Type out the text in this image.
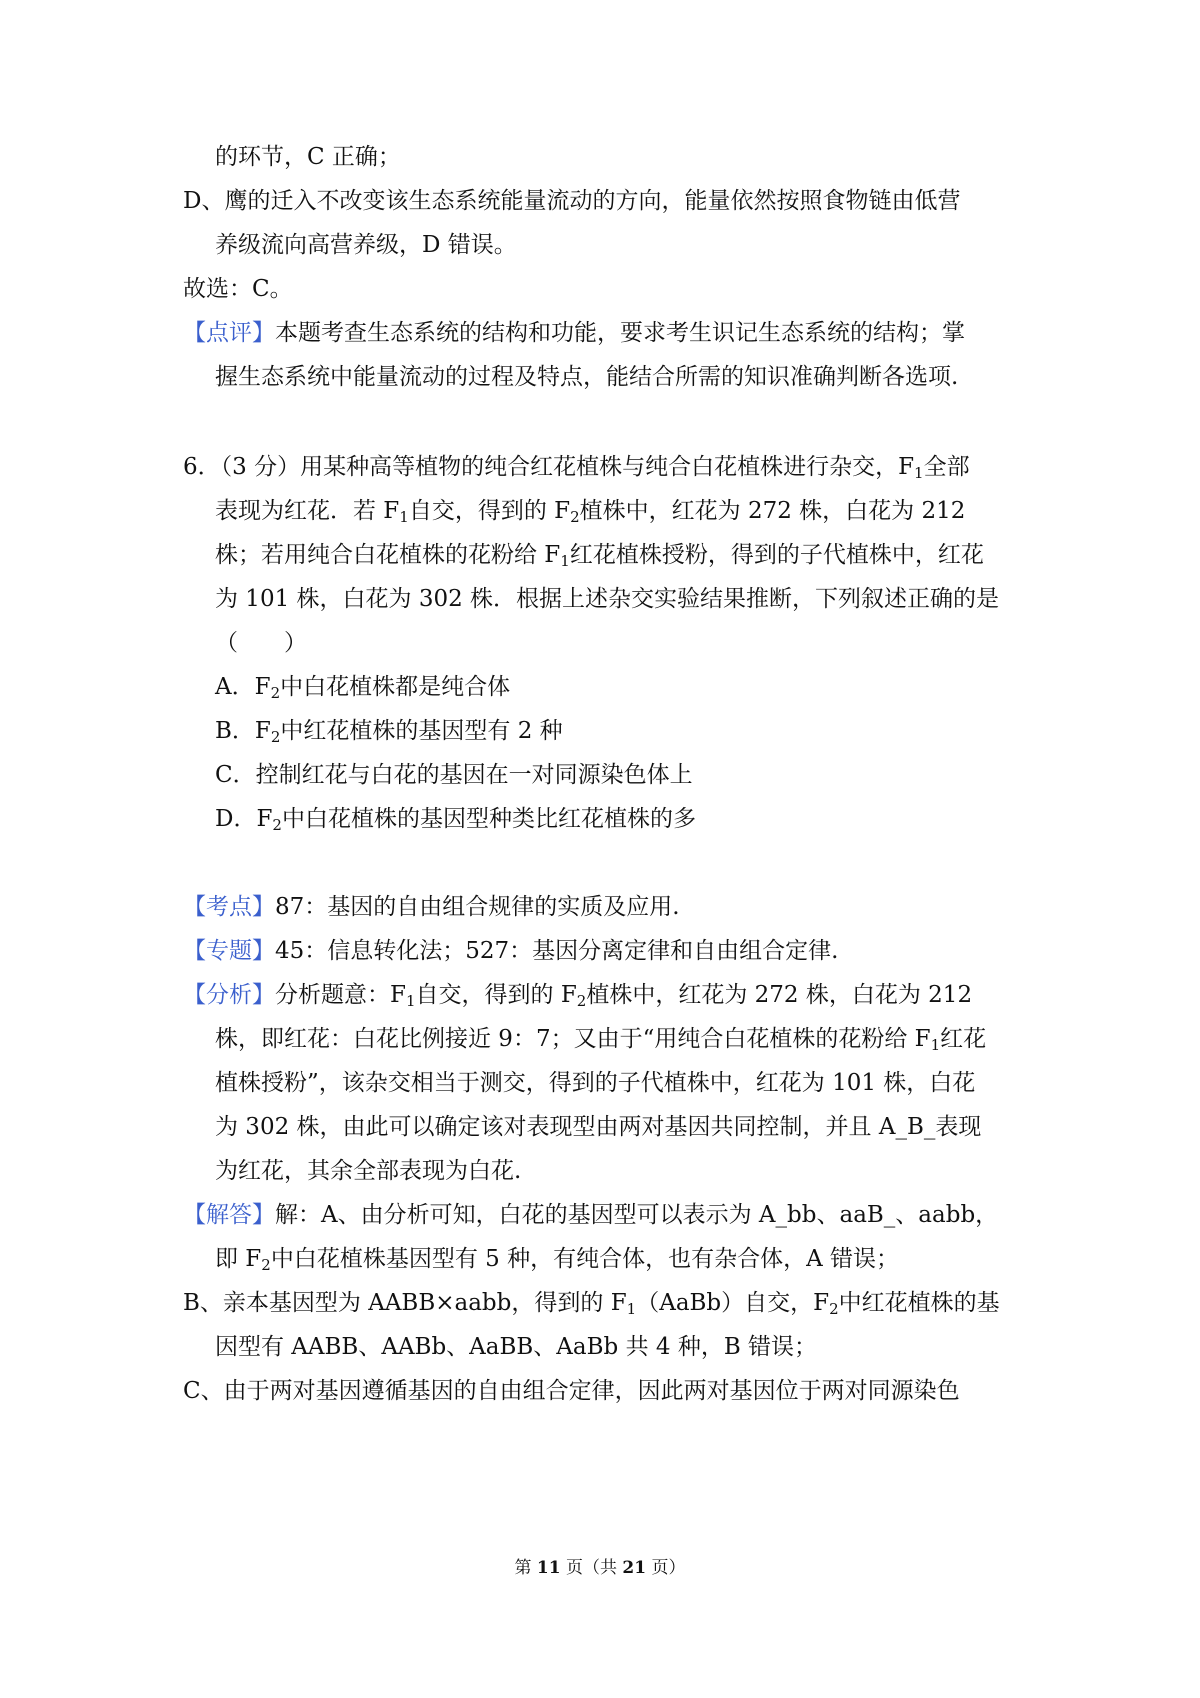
的环节，C 正确；
D、鹰的迁入不改变该生态系统能量流动的方向，能量依然按照食物链由低营
养级流向高营养级，D 错误。
故选：C。
【点评】本题考查生态系统的结构和功能，要求考生识记生态系统的结构；掌
握生态系统中能量流动的过程及特点，能结合所需的知识准确判断各选项.
6．（3 分）用某种高等植物的纯合红花植株与纯合白花植株进行杂交，$F_1$全部
表现为红花．若 $F_1$自交，得到的 $F_2$植株中，红花为 272 株，白花为 212
株；若用纯合白花植株的花粉给 $F_1$红花植株授粉，得到的子代植株中，红花
为 101 株，白花为 302 株．根据上述杂交实验结果推断，下列叙述正确的是
（　　）
A．$F_2$中白花植株都是纯合体
B．$F_2$中红花植株的基因型有 2 种
C．控制红花与白花的基因在一对同源染色体上
D．$F_2$中白花植株的基因型种类比红花植株的多
【考点】87：基因的自由组合规律的实质及应用.
【专题】45：信息转化法；527：基因分离定律和自由组合定律.
【分析】分析题意：$F_1$自交，得到的 $F_2$植株中，红花为 272 株，白花为 212
株，即红花：白花比例接近 9：7；又由于“用纯合白花植株的花粉给 $F_1$红花
植株授粉”，该杂交相当于测交，得到的子代植株中，红花为 101 株，白花
为 302 株，由此可以确定该对表现型由两对基因共同控制，并且 A_B_表现
为红花，其余全部表现为白花.
【解答】解：A、由分析可知，白花的基因型可以表示为 A_bb、aaB_、aabb，
即 $F_2$中白花植株基因型有 5 种，有纯合体，也有杂合体，A 错误；
B、亲本基因型为 AABB×aabb，得到的 $F_1(AaBb)$自交，$F_2$中红花植株的基
因型有 AABB、AABb、AaBB、AaBb 共 4 种，B 错误；
C、由于两对基因遵循基因的自由组合定律，因此两对基因位于两对同源染色
第 11 页（共 21 页）
